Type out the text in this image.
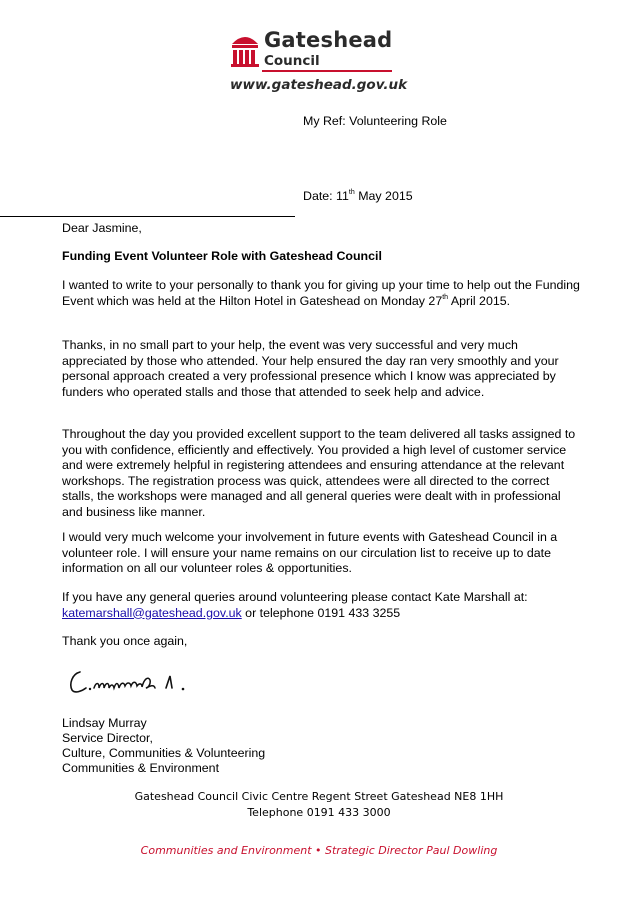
Gateshead
Council
www.gateshead.gov.uk
My Ref: Volunteering Role
Date: 11th May 2015

Dear Jasmine,

Funding Event Volunteer Role with Gateshead Council

I wanted to write to your personally to thank you for giving up your time to help out the Funding Event which was held at the Hilton Hotel in Gateshead on Monday 27th April 2015.

Thanks, in no small part to your help, the event was very successful and very much appreciated by those who attended. Your help ensured the day ran very smoothly and your personal approach created a very professional presence which I know was appreciated by funders who operated stalls and those that attended to seek help and advice.

Throughout the day you provided excellent support to the team delivered all tasks assigned to you with confidence, efficiently and effectively. You provided a high level of customer service and were extremely helpful in registering attendees and ensuring attendance at the relevant workshops. The registration process was quick, attendees were all directed to the correct stalls, the workshops were managed and all general queries were dealt with in professional and business like manner.

I would very much welcome your involvement in future events with Gateshead Council in a volunteer role. I will ensure your name remains on our circulation list to receive up to date information on all our volunteer roles & opportunities.

If you have any general queries around volunteering please contact Kate Marshall at:
katemarshall@gateshead.gov.uk or telephone 0191 433 3255

Thank you once again,

Lindsay Murray

Service Director,

Culture, Communities & Volunteering

Communities & Environment

Gateshead Council Civic Centre Regent Street Gateshead NE8 1HH
Telephone 0191 433 3000
Communities and Environment • Strategic Director Paul Dowling
